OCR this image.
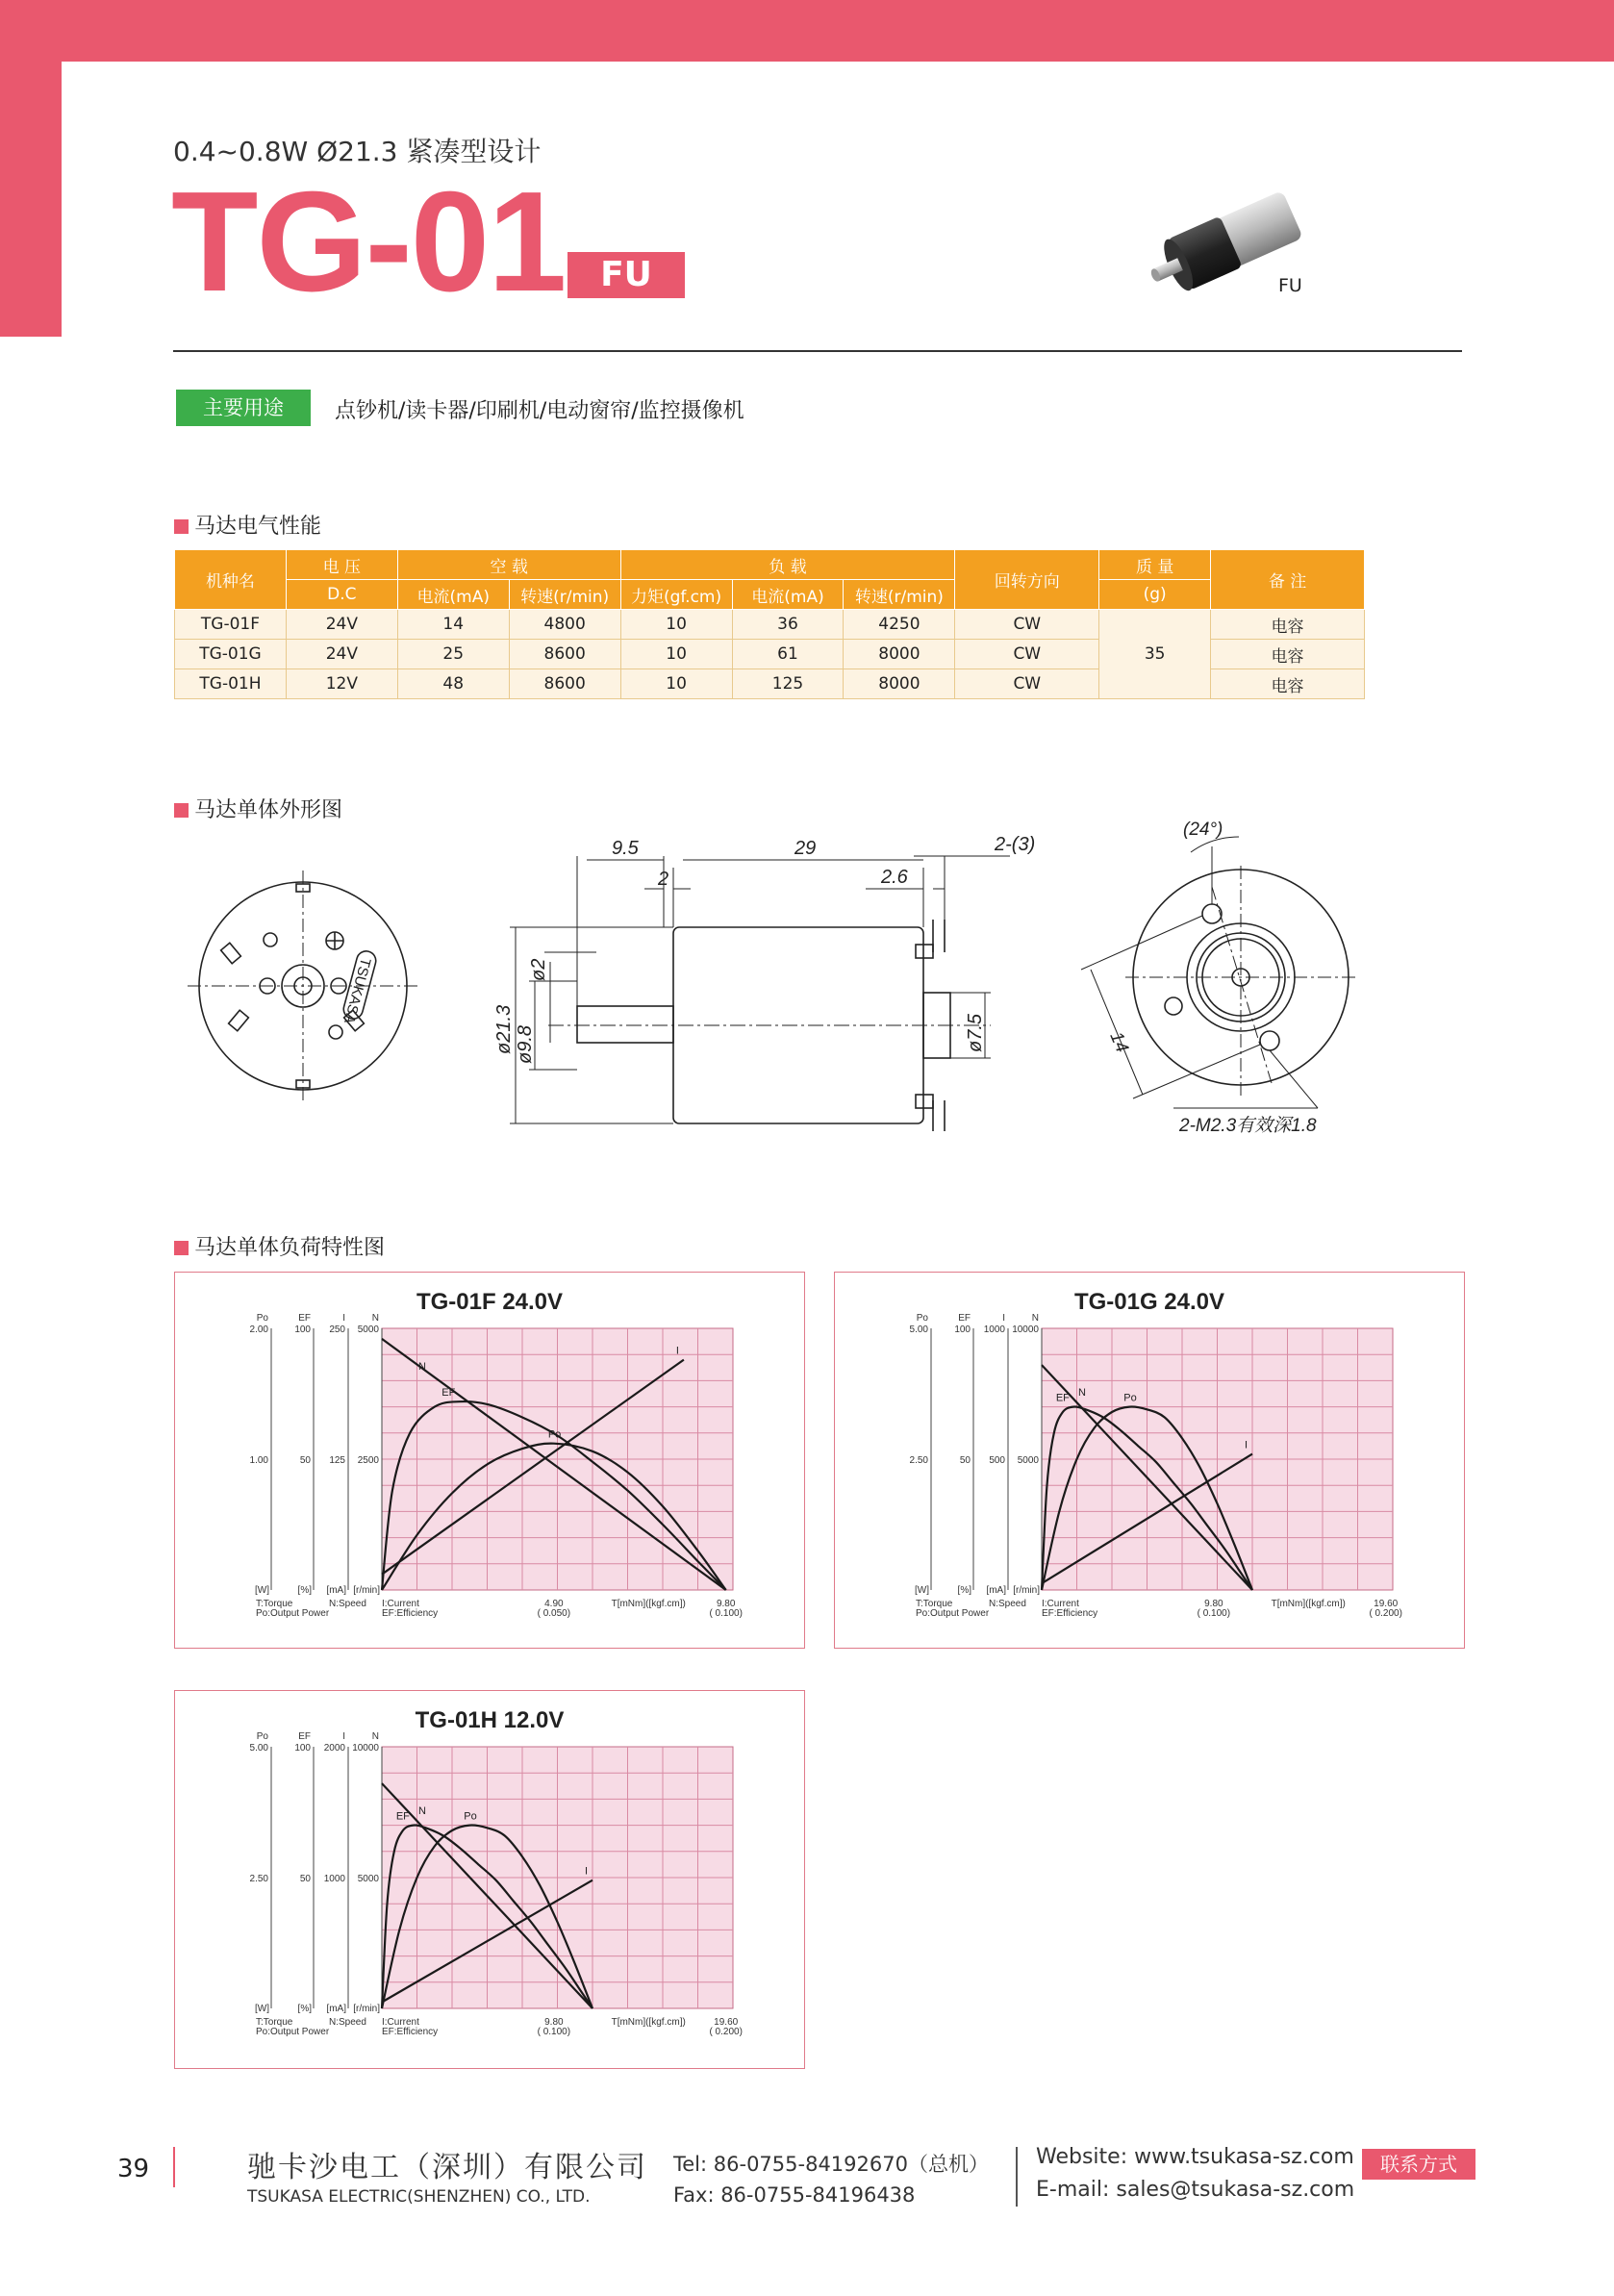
0.4~0.8W Ø21.3 紧凑型设计
TG-01	FU	FU
主要用途	点钞机/读卡器/印刷机/电动窗帘/监控摄像机
马达电气性能
机种名	电 压	空 载		负 载			回转方向	质 量	备 注
	D.C	电流(mA)	转速(r/min)	力矩(gf.cm)	电流(mA)	转速(r/min)		(g)	
TG-01F	24V	14	4800	10	36	4250	CW	35	电容
TG-01G	24V	25	8600	10	61	8000	CW		电容
TG-01H	12V	48	8600	10	125	8000	CW		电容
马达单体外形图
TSUKASA
9.5	29	2-(3)
2	2.6
ø2
ø21.3 ø9.8	ø7.5
(24°)
14
2-M2.3有效深1.8
马达单体负荷特性图
TG-01F 24.0V
Po
2.00
1.00
[W]
EF
100
50
[%]
I
250
125
[mA]
N
5000
2500
[r/min]
I:Current
EF:Efficiency
T:Torque
Po:Output Power
N:Speed	4.90
( 0.050)
9.80
( 0.100)
T[mNm]([kgf.cm])
N
I
Po
EF
TG-01G 24.0V
Po
5.00
2.50
[W]
EF
100
50
[%]
I
1000
500
[mA]
N
10000
5000
[r/min]
I:Current
EF:Efficiency
T:Torque
Po:Output Power
N:Speed	9.80
( 0.100)
19.60
( 0.200)
T[mNm]([kgf.cm])
N
I
Po
EF
TG-01H 12.0V
Po
5.00
2.50
[W]
EF
100
50
[%]
I
2000
1000
[mA]
N
10000
5000
[r/min]
I:Current
EF:Efficiency
T:Torque
Po:Output Power
N:Speed	9.80
( 0.100)
19.60
( 0.200)
T[mNm]([kgf.cm])
N
I
Po
EF
39	驰卡沙电工（深圳）有限公司
TSUKASA ELECTRIC(SHENZHEN) CO., LTD.
Tel: 86-0755-84192670（总机）
Fax: 86-0755-84196438
Website: www.tsukasa-sz.com
E-mail: sales@tsukasa-sz.com
联系方式
